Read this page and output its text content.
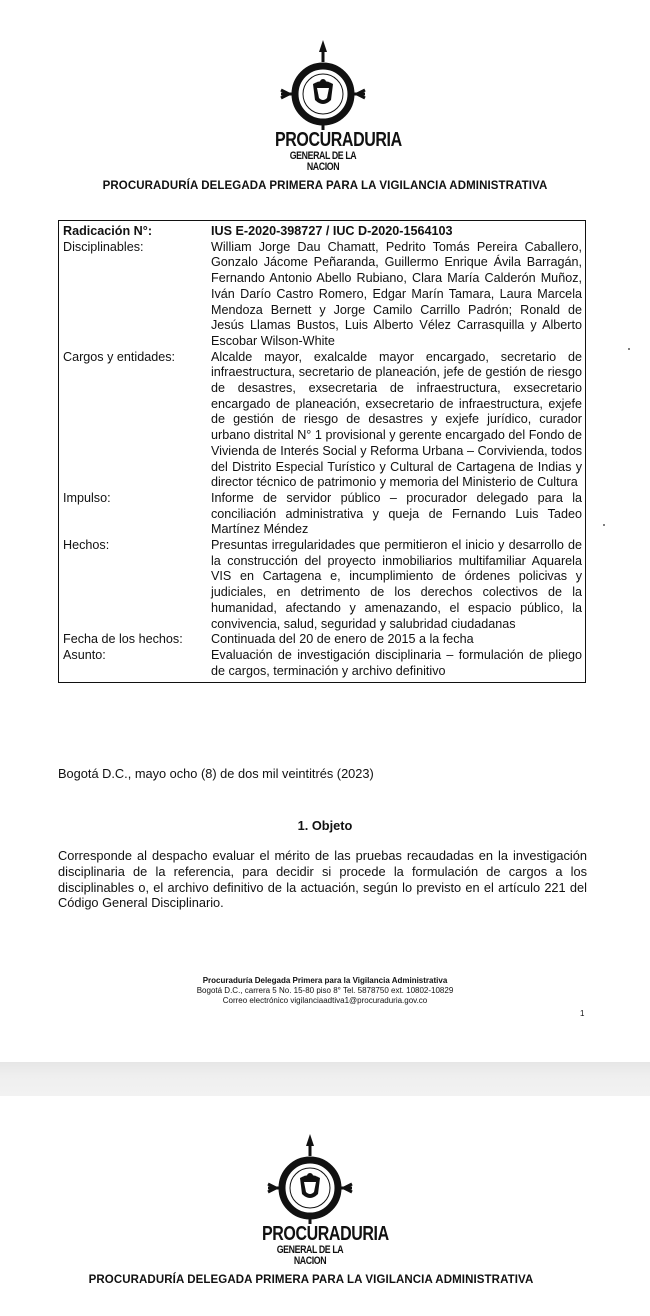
PROCURADURIA
GENERAL DE LA NACION
PROCURADURÍA DELEGADA PRIMERA PARA LA VIGILANCIA ADMINISTRATIVA
Radicación N°:	IUS E-2020-398727 / IUC D-2020-1564103
Disciplinables:	William Jorge Dau Chamatt, Pedrito Tomás Pereira Caballero, Gonzalo Jácome Peñaranda, Guillermo Enrique Ávila Barragán, Fernando Antonio Abello Rubiano, Clara María Calderón Muñoz, Iván Darío Castro Romero, Edgar Marín Tamara, Laura Marcela Mendoza Bernett y Jorge Camilo Carrillo Padrón; Ronald de Jesús Llamas Bustos, Luis Alberto Vélez Carrasquilla y Alberto Escobar Wilson-White
Cargos y entidades:	Alcalde mayor, exalcalde mayor encargado, secretario de infraestructura, secretario de planeación, jefe de gestión de riesgo de desastres, exsecretaria de infraestructura, exsecretario encargado de planeación, exsecretario de infraestructura, exjefe de gestión de riesgo de desastres y exjefe jurídico, curador urbano distrital N° 1 provisional y gerente encargado del Fondo de Vivienda de Interés Social y Reforma Urbana – Corvivienda, todos del Distrito Especial Turístico y Cultural de Cartagena de Indias y director técnico de patrimonio y memoria del Ministerio de Cultura
Impulso:	Informe de servidor público – procurador delegado para la conciliación administrativa y queja de Fernando Luis Tadeo Martínez Méndez
Hechos:	Presuntas irregularidades que permitieron el inicio y desarrollo de la construcción del proyecto inmobiliarios multifamiliar Aquarela VIS en Cartagena e, incumplimiento de órdenes policivas y judiciales, en detrimento de los derechos colectivos de la humanidad, afectando y amenazando, el espacio público, la convivencia, salud, seguridad y salubridad ciudadanas
Fecha de los hechos:	Continuada del 20 de enero de 2015 a la fecha
Asunto:	Evaluación de investigación disciplinaria – formulación de pliego de cargos, terminación y archivo definitivo
Bogotá D.C., mayo ocho (8) de dos mil veintitrés (2023)
1. Objeto
Corresponde al despacho evaluar el mérito de las pruebas recaudadas en la investigación disciplinaria de la referencia, para decidir si procede la formulación de cargos a los disciplinables o, el archivo definitivo de la actuación, según lo previsto en el artículo 221 del Código General Disciplinario.
Procuraduría Delegada Primera para la Vigilancia Administrativa
Bogotá D.C., carrera 5 No. 15-80 piso 8° Tel. 5878750 ext. 10802-10829
Correo electrónico vigilanciaadtiva1@procuraduria.gov.co
1
PROCURADURIA
GENERAL DE LA NACION
PROCURADURÍA DELEGADA PRIMERA PARA LA VIGILANCIA ADMINISTRATIVA
